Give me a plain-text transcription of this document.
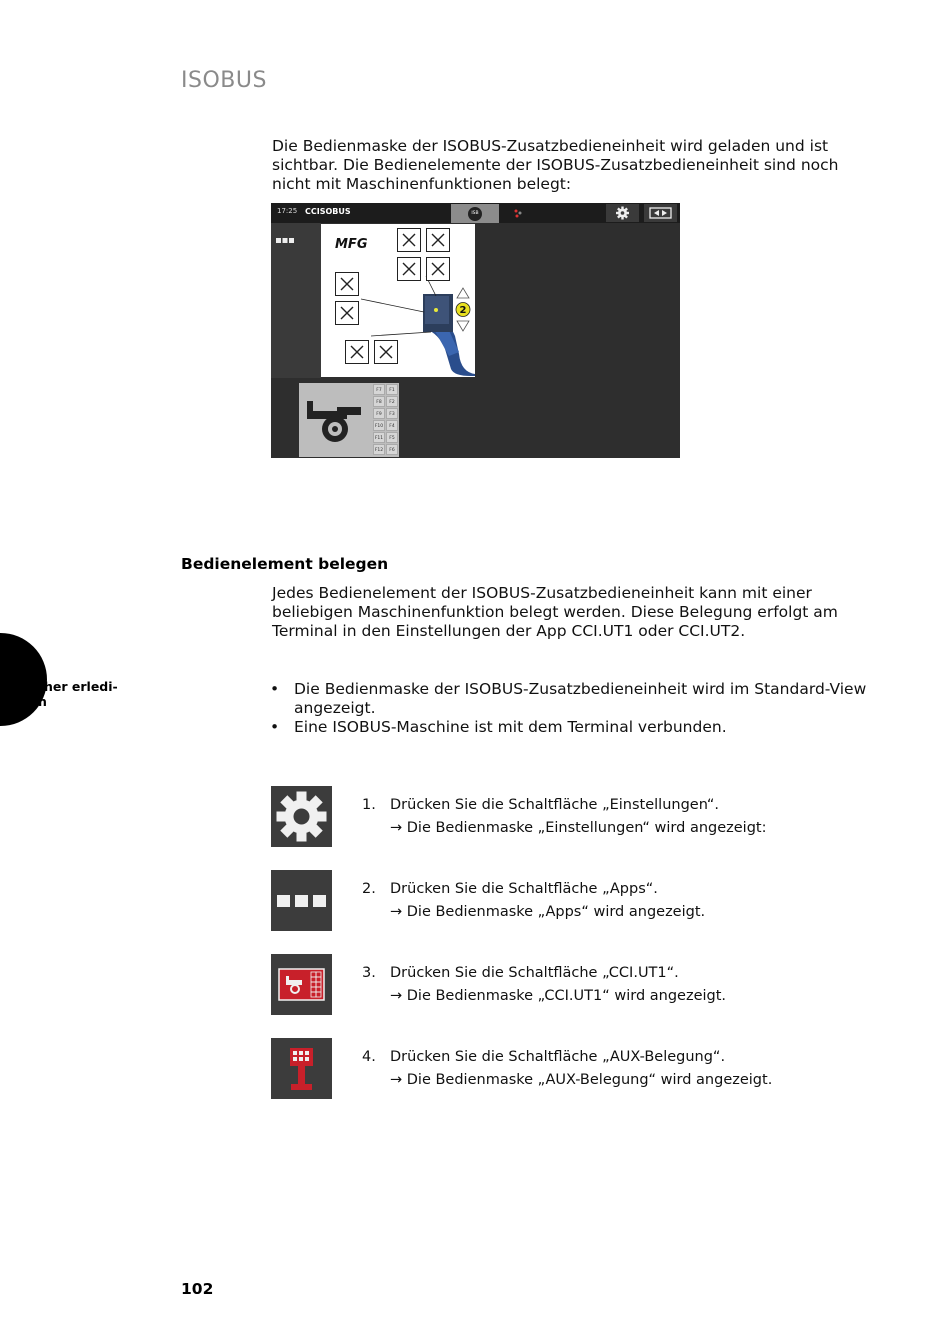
ISOBUS
Die Bedienmaske der ISOBUS-Zusatzbedieneinheit wird geladen und ist sichtbar. Die Bedienelemente der ISOBUS-Zusatzbedieneinheit sind noch nicht mit Maschinenfunktionen belegt:
17:25 CCISOBUS	ISB
MFG
2
F7	F1
F8	F2
F9	F3
F10	F4
F11	F5
F12	F6
Bedienelement belegen
Jedes Bedienelement der ISOBUS-Zusatzbedieneinheit kann mit einer beliebigen Maschinenfunktion belegt werden. Diese Belegung erfolgt am Terminal in den Einstellungen der App CCI.UT1 oder CCI.UT2.
her erledi-
n
• Die Bedienmaske der ISOBUS-Zusatzbedieneinheit wird im Standard-View angezeigt.
• Eine ISOBUS-Maschine ist mit dem Terminal verbunden.
1. Drücken Sie die Schaltfläche „Einstellungen“.
→ Die Bedienmaske „Einstellungen“ wird angezeigt:
2. Drücken Sie die Schaltfläche „Apps“.
→ Die Bedienmaske „Apps“ wird angezeigt.
3. Drücken Sie die Schaltfläche „CCI.UT1“.
→ Die Bedienmaske „CCI.UT1“ wird angezeigt.
4. Drücken Sie die Schaltfläche „AUX-Belegung“.
→ Die Bedienmaske „AUX-Belegung“ wird angezeigt.
102
